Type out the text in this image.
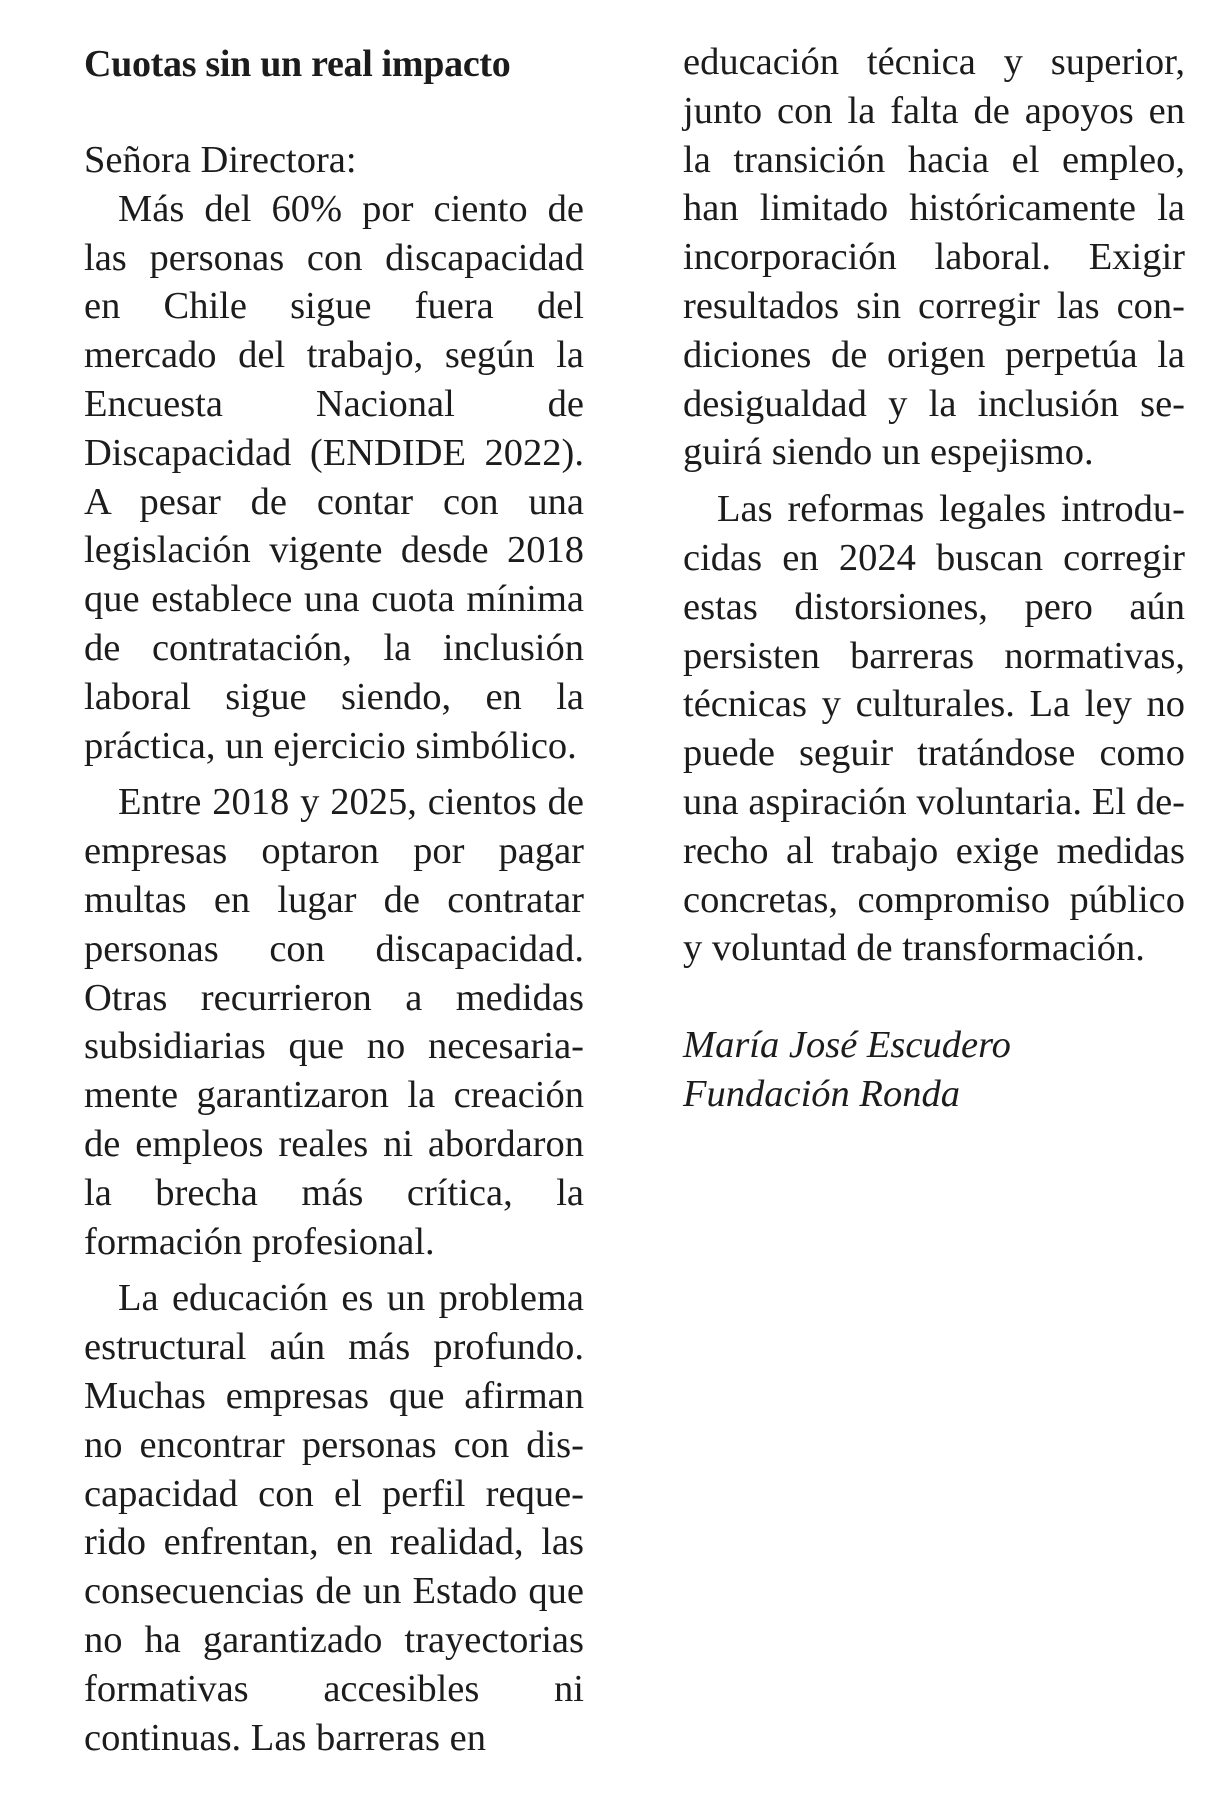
Cuotas sin un real impacto
Señora Directora:

Más del 60% por ciento de las personas con discapacidad en Chile sigue fuera del mercado del trabajo, según la Encuesta Nacional de Discapacidad (ENDIDE 2022). A pesar de contar con una legislación vigente desde 2018 que establece una cuota mínima de contratación, la inclusión laboral sigue siendo, en la práctica, un ejercicio simbólico.

Entre 2018 y 2025, cientos de empresas optaron por pagar multas en lugar de contratar personas con discapacidad. Otras recurrieron a medidas subsidiarias que no necesariamente garantizaron la creación de empleos reales ni abordaron la brecha más crítica, la formación profesional.

La educación es un problema estructural aún más profundo. Muchas empresas que afirman no encontrar personas con discapacidad con el perfil requerido enfrentan, en realidad, las consecuencias de un Estado que no ha garantizado trayectorias formativas accesibles ni continuas. Las barreras en

educación técnica y superior, junto con la falta de apoyos en la transición hacia el empleo, han limitado históricamente la incorporación laboral. Exigir resultados sin corregir las condiciones de origen perpetúa la desigualdad y la inclusión seguirá siendo un espejismo.

Las reformas legales introducidas en 2024 buscan corregir estas distorsiones, pero aún persisten barreras normativas, técnicas y culturales. La ley no puede seguir tratándose como una aspiración voluntaria. El derecho al trabajo exige medidas concretas, compromiso público y voluntad de transformación.

María José Escudero
Fundación Ronda
